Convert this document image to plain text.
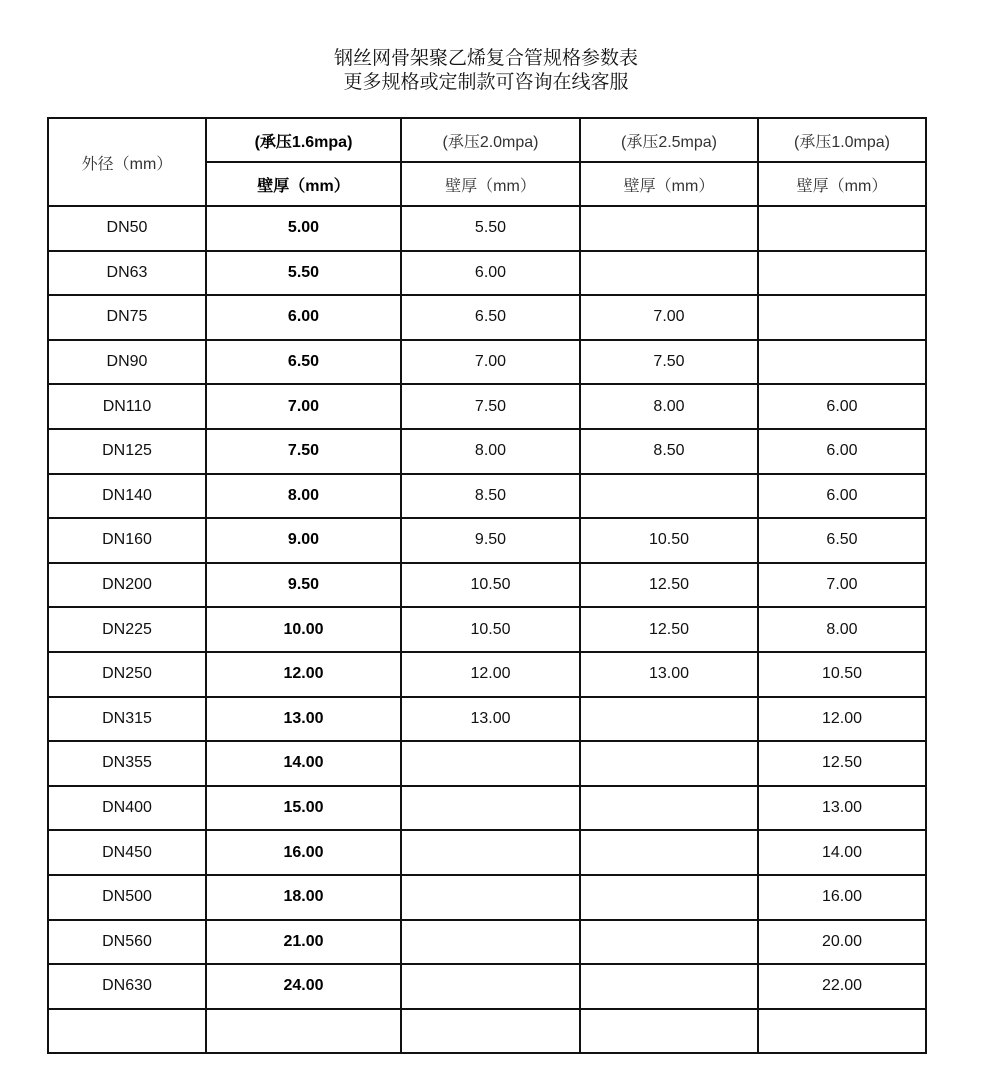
钢丝网骨架聚乙烯复合管规格参数表
更多规格或定制款可咨询在线客服
外径（mm）	(承压1.6mpa)	(承压2.0mpa)	(承压2.5mpa)	(承压1.0mpa)
	壁厚（mm）	壁厚（mm）	壁厚（mm）	壁厚（mm）
DN50	5.00	5.50		
DN63	5.50	6.00		
DN75	6.00	6.50	7.00	
DN90	6.50	7.00	7.50	
DN110	7.00	7.50	8.00	6.00
DN125	7.50	8.00	8.50	6.00
DN140	8.00	8.50		6.00
DN160	9.00	9.50	10.50	6.50
DN200	9.50	10.50	12.50	7.00
DN225	10.00	10.50	12.50	8.00
DN250	12.00	12.00	13.00	10.50
DN315	13.00	13.00		12.00
DN355	14.00			12.50
DN400	15.00			13.00
DN450	16.00			14.00
DN500	18.00			16.00
DN560	21.00			20.00
DN630	24.00			22.00
